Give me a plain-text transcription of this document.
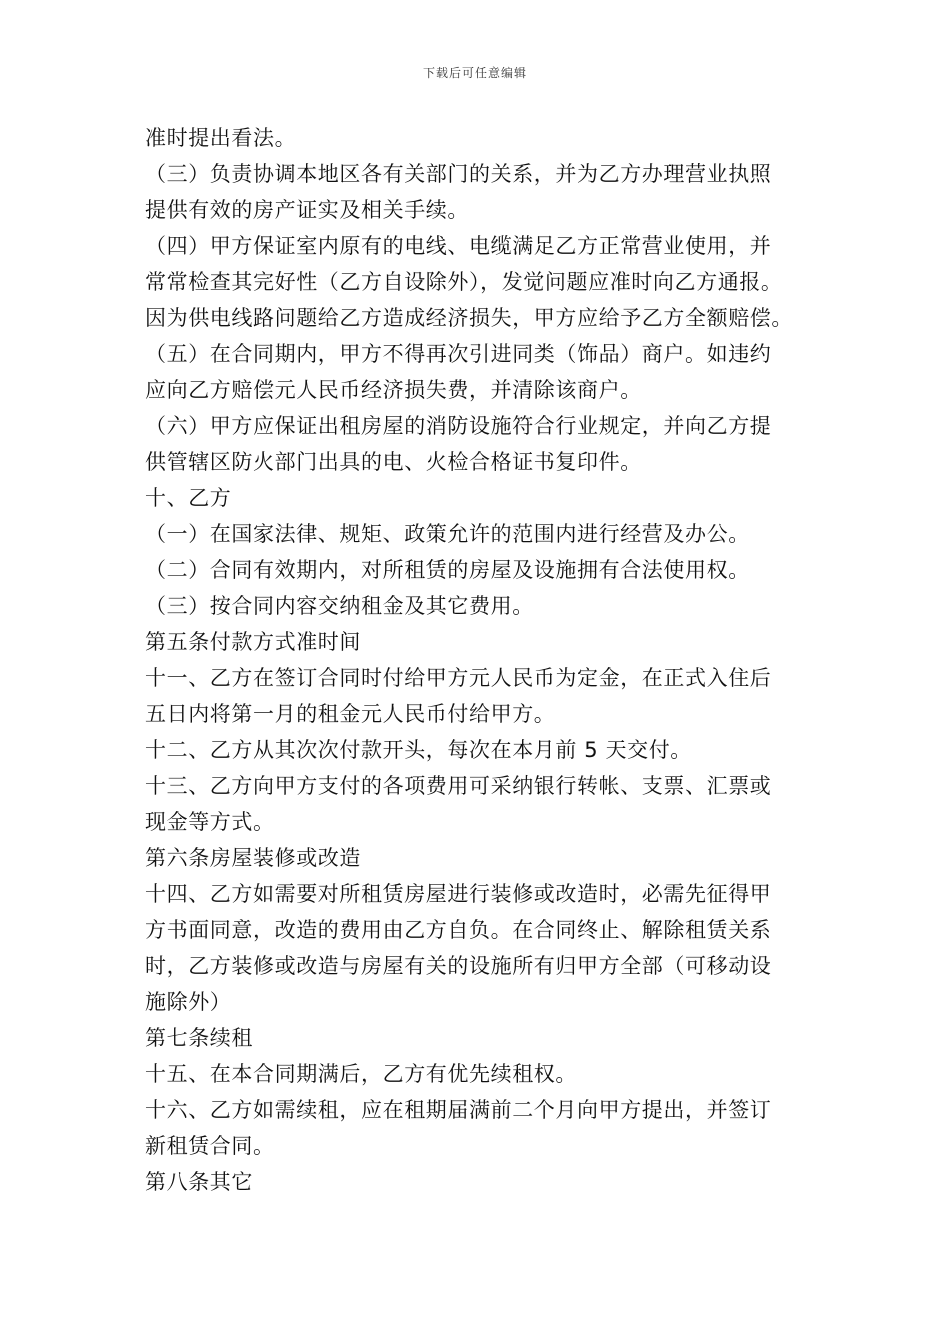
下载后可任意编辑
准时提出看法。
（三）负责协调本地区各有关部门的关系，并为乙方办理营业执照
提供有效的房产证实及相关手续。
（四）甲方保证室内原有的电线、电缆满足乙方正常营业使用，并
常常检查其完好性（乙方自设除外），发觉问题应准时向乙方通报。
因为供电线路问题给乙方造成经济损失，甲方应给予乙方全额赔偿。
（五）在合同期内，甲方不得再次引进同类（饰品）商户。如违约
应向乙方赔偿元人民币经济损失费，并清除该商户。
（六）甲方应保证出租房屋的消防设施符合行业规定，并向乙方提
供管辖区防火部门出具的电、火检合格证书复印件。
十、乙方
（一）在国家法律、规矩、政策允许的范围内进行经营及办公。
（二）合同有效期内，对所租赁的房屋及设施拥有合法使用权。
（三）按合同内容交纳租金及其它费用。
第五条付款方式准时间
十一、乙方在签订合同时付给甲方元人民币为定金，在正式入住后
五日内将第一月的租金元人民币付给甲方。
十二、乙方从其次次付款开头，每次在本月前 5 天交付。
十三、乙方向甲方支付的各项费用可采纳银行转帐、支票、汇票或
现金等方式。
第六条房屋装修或改造
十四、乙方如需要对所租赁房屋进行装修或改造时，必需先征得甲
方书面同意，改造的费用由乙方自负。在合同终止、解除租赁关系
时，乙方装修或改造与房屋有关的设施所有归甲方全部（可移动设
施除外）
第七条续租
十五、在本合同期满后，乙方有优先续租权。
十六、乙方如需续租，应在租期届满前二个月向甲方提出，并签订
新租赁合同。
第八条其它
